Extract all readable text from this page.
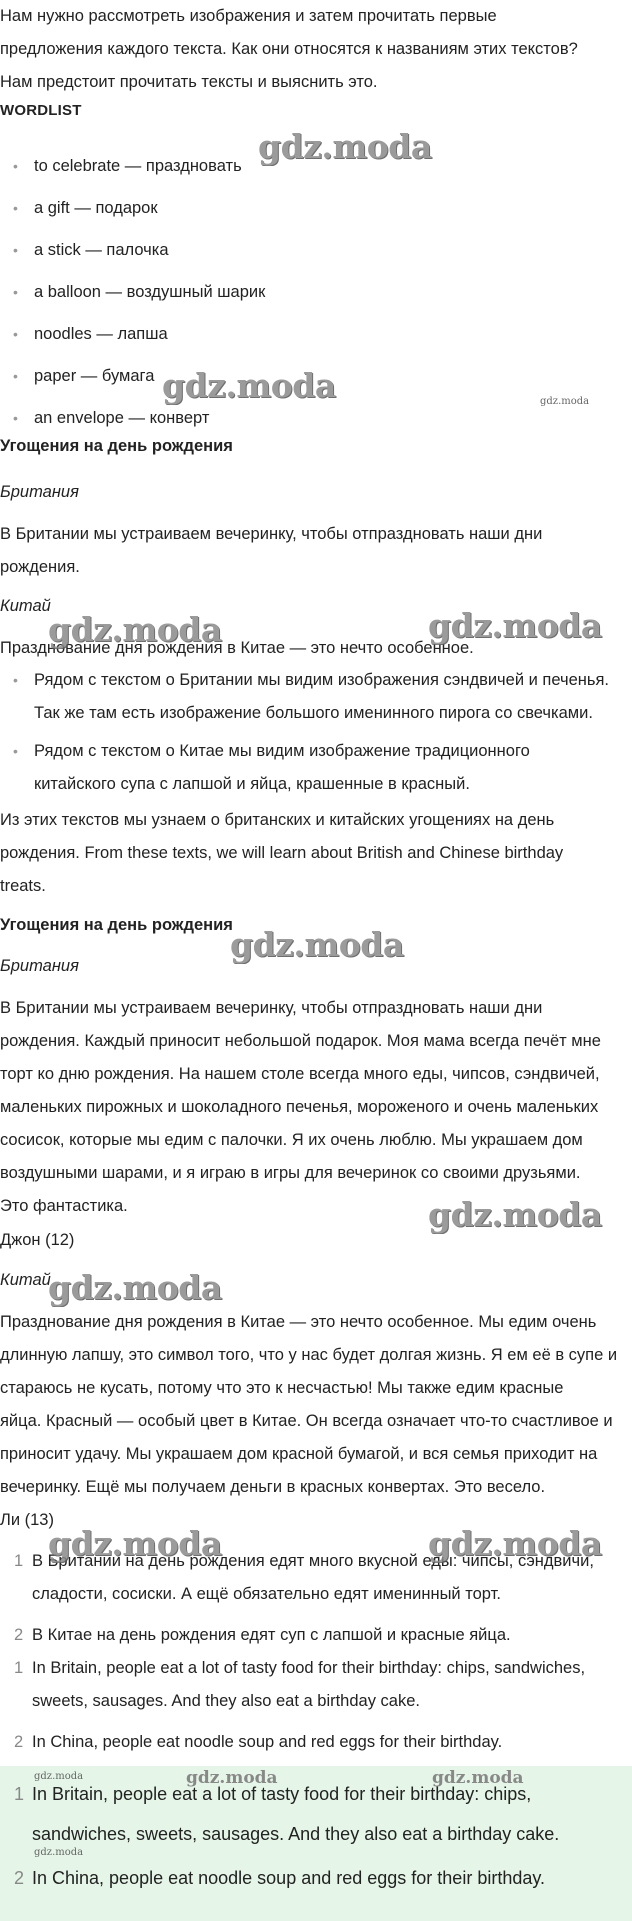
Нам нужно рассмотреть изображения и затем прочитать первые

предложения каждого текста. Как они относятся к названиям этих текстов?

Нам предстоит прочитать тексты и выяснить это.

WORDLIST

• to celebrate — праздновать
• a gift — подарок
• a stick — палочка
• a balloon — воздушный шарик
• noodles — лапша
• paper — бумага
• an envelope — конверт

Угощения на день рождения

Британия

В Британии мы устраиваем вечеринку, чтобы отпраздновать наши дни

рождения.

Китай

Празднование дня рождения в Китае — это нечто особенное.

• Рядом с текстом о Британии мы видим изображения сэндвичей и печенья.
Так же там есть изображение большого именинного пирога со свечками.
• Рядом с текстом о Китае мы видим изображение традиционного
китайского супа с лапшой и яйца, крашенные в красный.

Из этих текстов мы узнаем о британских и китайских угощениях на день

рождения. From these texts, we will learn about British and Chinese birthday

treats.

Угощения на день рождения

Британия

В Британии мы устраиваем вечеринку, чтобы отпраздновать наши дни

рождения. Каждый приносит небольшой подарок. Моя мама всегда печёт мне

торт ко дню рождения. На нашем столе всегда много еды, чипсов, сэндвичей,

маленьких пирожных и шоколадного печенья, мороженого и очень маленьких

сосисок, которые мы едим с палочки. Я их очень люблю. Мы украшаем дом

воздушными шарами, и я играю в игры для вечеринок со своими друзьями.

Это фантастика.

Джон (12)

Китай

Празднование дня рождения в Китае — это нечто особенное. Мы едим очень

длинную лапшу, это символ того, что у нас будет долгая жизнь. Я ем её в супе и

стараюсь не кусать, потому что это к несчастью! Мы также едим красные

яйца. Красный — особый цвет в Китае. Он всегда означает что-то счастливое и

приносит удачу. Мы украшаем дом красной бумагой, и вся семья приходит на

вечеринку. Ещё мы получаем деньги в красных конвертах. Это весело.

Ли (13)

1 В Британии на день рождения едят много вкусной еды: чипсы, сэндвичи,
сладости, сосиски. А ещё обязательно едят именинный торт.
2 В Китае на день рождения едят суп с лапшой и красные яйца.
1 In Britain, people eat a lot of tasty food for their birthday: chips, sandwiches,
sweets, sausages. And they also eat a birthday cake.
2 In China, people eat noodle soup and red eggs for their birthday.
1 In Britain, people eat a lot of tasty food for their birthday: chips,
sandwiches, sweets, sausages. And they also eat a birthday cake.
2 In China, people eat noodle soup and red eggs for their birthday.
gdz.moda
gdz.moda	gdz.moda
gdz.moda	gdz.moda
gdz.moda
gdz.moda
gdz.moda
gdz.moda	gdz.moda
gdz.moda	gdz.moda	gdz.moda
gdz.moda
